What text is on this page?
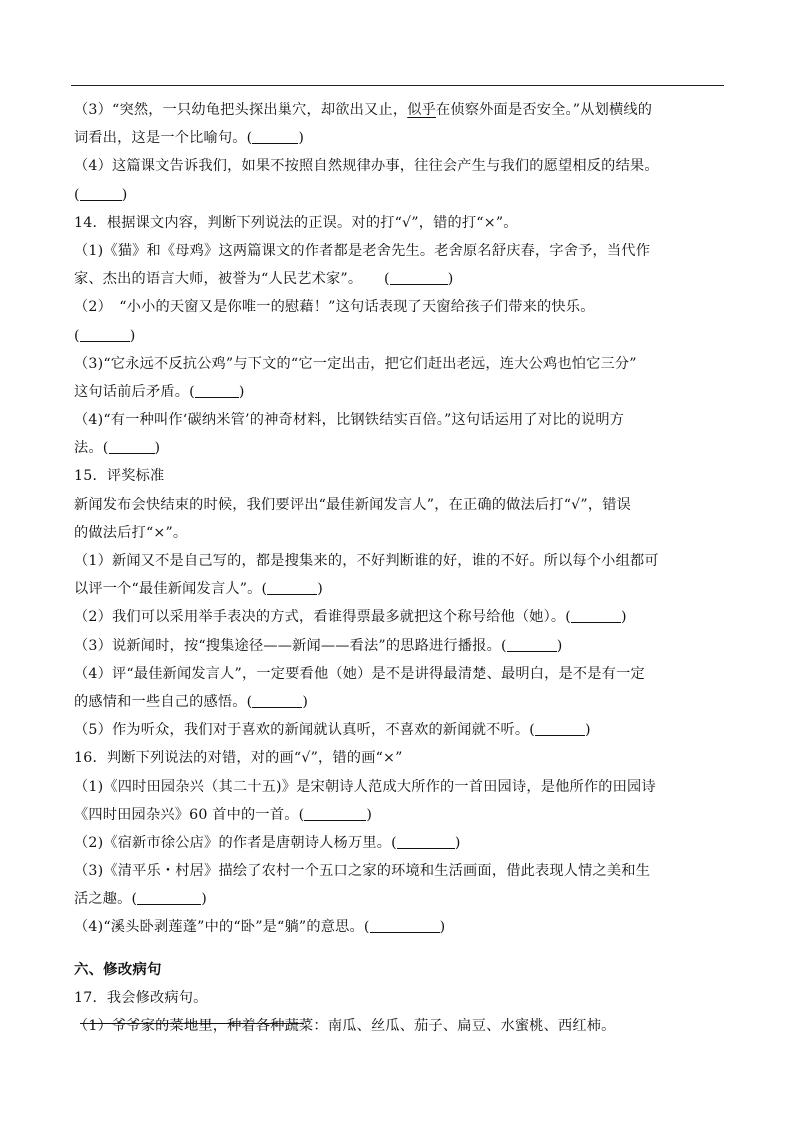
（3）“突然，一只幼龟把头探出巢穴，却欲出又止，似乎在侦察外面是否安全。”从划横线的
词看出，这是一个比喻句。(	)
（4）这篇课文告诉我们，如果不按照自然规律办事，往往会产生与我们的愿望相反的结果。
(	)
14．根据课文内容，判断下列说法的正误。对的打“√”，错的打“×”。
（1)《猫》和《母鸡》这两篇课文的作者都是老舍先生。老舍原名舒庆春，字舍予，当代作
家、杰出的语言大师，被誉为“人民艺术家”。　　(	)
（2）　“小小的天窗又是你唯一的慰藉！”这句话表现了天窗给孩子们带来的快乐。
(	)
（3)“它永远不反抗公鸡”与下文的“它一定出击，把它们赶出老远，连大公鸡也怕它三分”
这句话前后矛盾。(	)
（4)“有一种叫作‘碳纳米管’的神奇材料，比钢铁结实百倍。”这句话运用了对比的说明方
法。(	)
15．评奖标准
新闻发布会快结束的时候，我们要评出“最佳新闻发言人”，在正确的做法后打“√”，错误
的做法后打“×”。
（1）新闻又不是自己写的，都是搜集来的，不好判断谁的好，谁的不好。所以每个小组都可
以评一个“最佳新闻发言人”。(	)
（2）我们可以采用举手表决的方式，看谁得票最多就把这个称号给他（她）。(	)
（3）说新闻时，按“搜集途径——新闻——看法”的思路进行播报。(	)
（4）评“最佳新闻发言人”，一定要看他（她）是不是讲得最清楚、最明白，是不是有一定
的感情和一些自己的感悟。(	)
（5）作为听众，我们对于喜欢的新闻就认真听，不喜欢的新闻就不听。(	)
16．判断下列说法的对错，对的画“√”，错的画“×”
（1)《四时田园杂兴（其二十五)》是宋朝诗人范成大所作的一首田园诗，是他所作的田园诗
《四时田园杂兴》60 首中的一首。(	)
（2)《宿新市徐公店》的作者是唐朝诗人杨万里。(	)
（3)《清平乐・村居》描绘了农村一个五口之家的环境和生活画面，借此表现人情之美和生
活之趣。(	)
（4)“溪头卧剥莲蓬”中的“卧”是“躺”的意思。(	)
六、修改病句
17．我会修改病句。
（1）爷爷家的菜地里，种着各种蔬菜：南瓜、丝瓜、茄子、扁豆、水蜜桃、西红柿。
